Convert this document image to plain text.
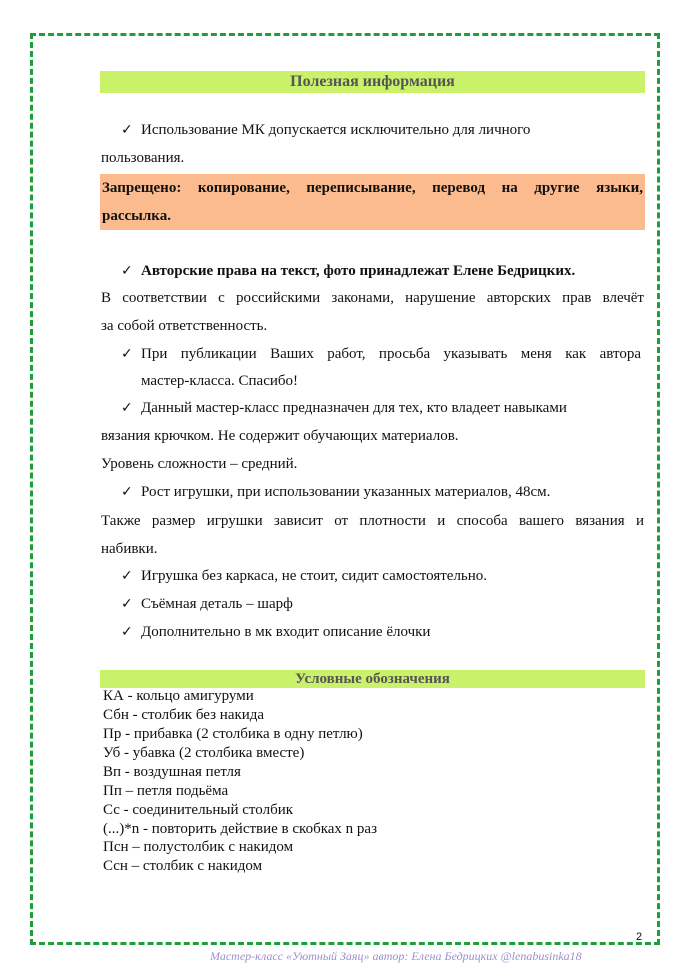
Полезная информация
✓ Использование МК допускается исключительно для личного
пользования.
Запрещено: копирование, переписывание, перевод на другие языки,
рассылка.
✓ Авторские права на текст, фото принадлежат Елене Бедрицких.
В соответствии с российскими законами, нарушение авторских прав влечёт
за собой ответственность.
✓ При публикации Ваших работ, просьба указывать меня как автора
мастер-класса. Спасибо!
✓ Данный мастер-класс предназначен для тех, кто владеет навыками
вязания крючком. Не содержит обучающих материалов.
Уровень сложности – средний.
✓ Рост игрушки, при использовании указанных материалов, 48см.
Также размер игрушки зависит от плотности и способа вашего вязания и
набивки.
✓ Игрушка без каркаса, не стоит, сидит самостоятельно.
✓ Съёмная деталь – шарф
✓ Дополнительно в мк входит описание ёлочки
Условные обозначения
КА - кольцо амигуруми
Сбн - столбик без накида
Пр - прибавка (2 столбика в одну петлю)
Уб - убавка (2 столбика вместе)
Вп - воздушная петля
Пп – петля подьёма
Сс - соединительный столбик
(...)*n - повторить действие в скобках n раз
Псн – полустолбик с накидом
Ссн – столбик с накидом
2
Мастер-класс «Уютный Заяц» автор: Елена Бедрицких @lenabusinka18
